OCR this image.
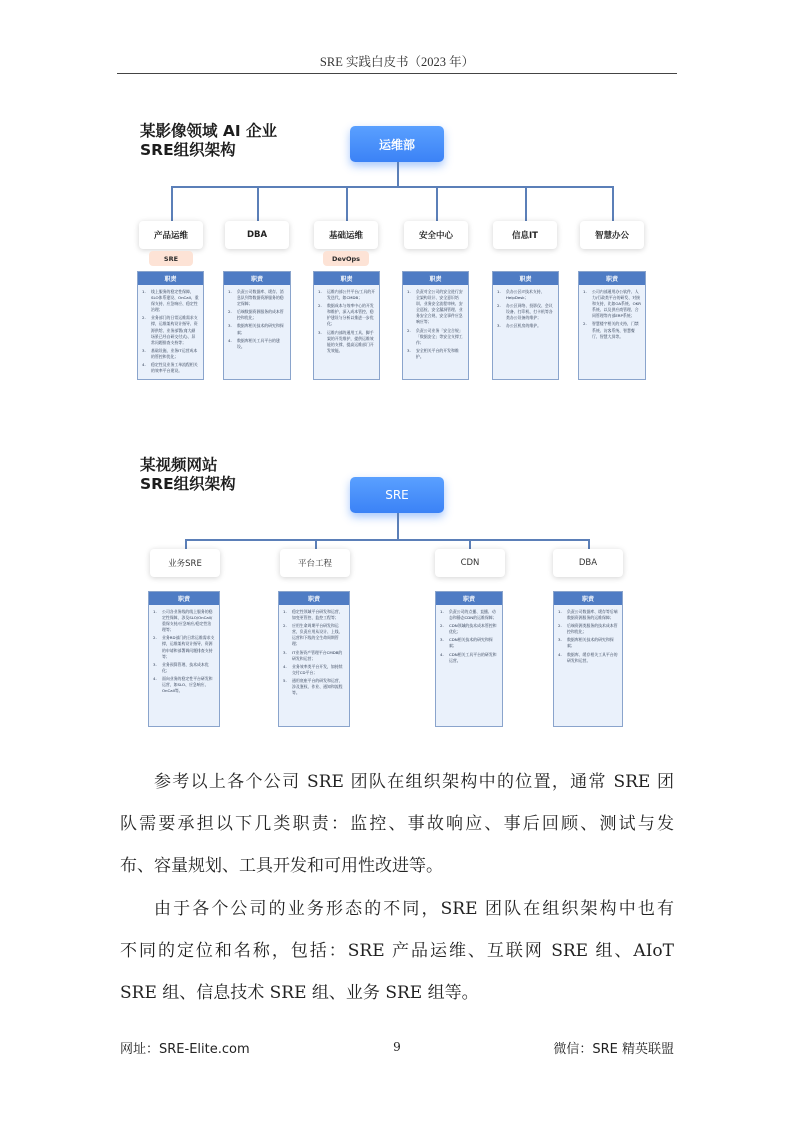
SRE 实践白皮书（2023 年）
某影像领域 AI 企业
SRE组织架构	运维部
产品运维	DBA	基础运维	安全中心	信息IT	智慧办公
SRE	DevOps
职责
1.	线上服务的稳定性保障，SLO体系建设、OnCall、重保支持、应急响应、稳定性治理；
2.	业务部门的日常运维需求支撑，运维架构设计指导、资源供给、业务部署(商大颜场景已经自研交付式)、异常问题排查支持等；
3.	基础设施、业务IT运营成本的管控和优化；
4.	稳定性及业务工单流程相关的效率平台建设。
职责
1.	负责公司数据库、缓存、消息队列等数据资源服务的稳定保障；
2.	后端数据资源服务的成本管控和优化；
3.	数据库相关技术的研究和探索；
4.	数据库相关工具平台的建设。
职责
1.	运维内部公共平台/工具的开发迭代，如CMDB；
2.	数据成本与效率中心的开发和维护，深入成本管控，稳护建设与分析以推进一步优化；
3.	运维内部的通用工具、脚手架的开发维护，提供运维效能的支撑，提高运维部门开发效能。
职责
1.	负责对全公司的安全进行安全架构设计、安全意识培训、业务安全流程审核、安全巡检、安全漏洞管理、业务安全合规、安全事件应急响应等；
2.	负责公司业务「安全合规」「数据安全」等安全支撑工作；
3.	安全相关平台的开发和维护。
职责
1.	负办公区IT技术支持、HelpDesk；
2.	办公区网络、投影仪、会议设备、打印机、打卡机等各类办公设备的维护；
3.	办公区机房的维护。
职责
1.	公司内部通用办公软件、人力/行政类平台的研发、对接和支持，比如OA系统、OKR系统、以及供应商管理、合同管理等内部ERP系统；
2.	智慧楼宇相关的支持，门禁系统、访客系统、智慧餐厅、智慧大屏等。
某视频网站
SRE组织架构
SRE
业务SRE	平台工程	CDN	DBA
职责
1.	公司各业务线的线上服务的稳定性保障，涉及SLO/OnCall/重保支持/应急响应/稳定性治理等；
2.	业务RD部门的日常运维需求支撑，运维架构设计指导、资源的申请和部署调问题排查支持等；
3.	业务预算管理、技术成本优化；
4.	面向业务的稳定性平台研发和运营，如SLO、应急响应、OnCall等。
职责
1.	稳定性领域平台研发和运营，如变更管控、监控工程等；
2.	应用生命周期平台研发和运营，负责应用从设计、上线、运营和下线的全生命周期管理；
3.	IT业务资产管理平台CMDB的研发和运营；
4.	业务效率类平台开发，如持续交付CD平台；
5.	通用底座平台的研发和运营，涉及鉴权、作业、通知和流程等。
职责
1.	负责公司的点播、直播、动态和静态CDN的运维保障；
2.	CDN领域的技术成本管控和优化；
3.	CDN相关技术的研究和探索；
4.	CDN相关工具平台的研发和运营。
职责
1.	负责公司数据库、缓存等后端数据资源服务的运维保障；
2.	后端资源类服务的技术成本管控和优化；
3.	数据库相关技术的研究和探索；
4.	数据库、缓存相关工具平台的研发和运营。
参考以上各个公司 SRE 团队在组织架构中的位置，通常 SRE 团
队需要承担以下几类职责：监控、事故响应、事后回顾、测试与发
布、容量规划、工具开发和可用性改进等。
由于各个公司的业务形态的不同，SRE 团队在组织架构中也有
不同的定位和名称，包括：SRE 产品运维、互联网 SRE 组、AIoT
SRE 组、信息技术 SRE 组、业务 SRE 组等。
网址：SRE-Elite.com	9	微信：SRE 精英联盟
